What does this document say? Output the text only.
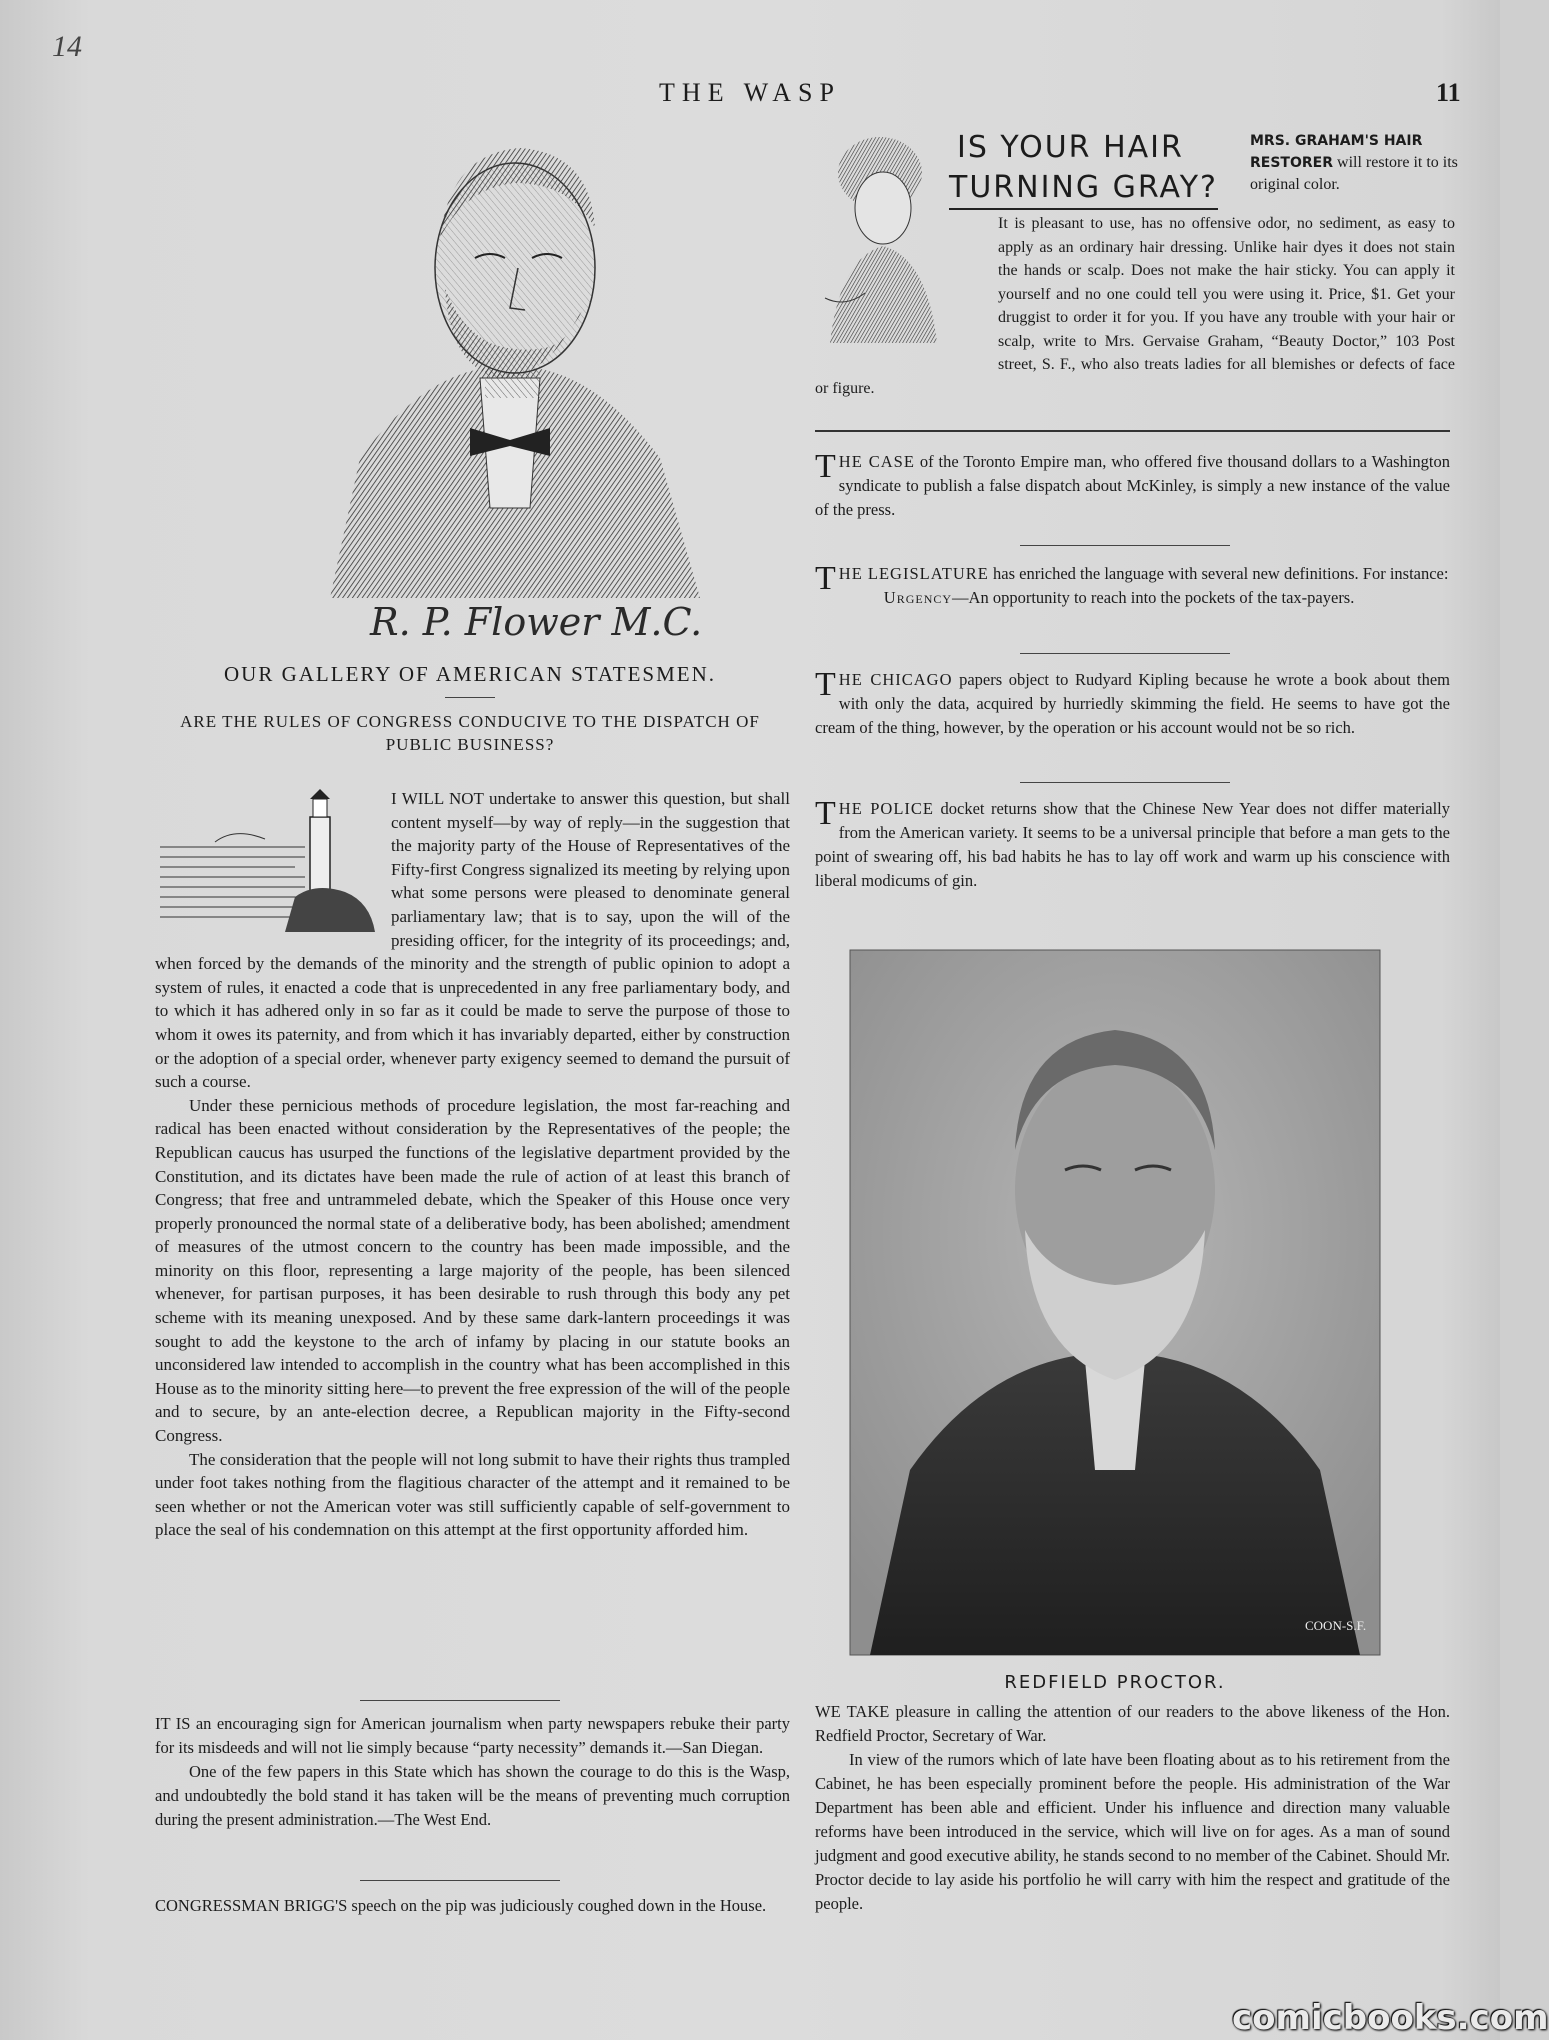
14
THE WASP	11
R. P. Flower M.C.
OUR GALLERY OF AMERICAN STATESMEN.
ARE THE RULES OF CONGRESS CONDUCIVE TO THE DISPATCH OF PUBLIC BUSINESS?

I WILL NOT undertake to answer this question, but shall content myself—by way of reply—in the suggestion that the majority party of the House of Representatives of the Fifty-first Congress signalized its meeting by relying upon what some persons were pleased to denominate general parliamentary law; that is to say, upon the will of the presiding officer, for the integrity of its proceedings; and, when forced by the demands of the minority and the strength of public opinion to adopt a system of rules, it enacted a code that is unprecedented in any free parliamentary body, and to which it has adhered only in so far as it could be made to serve the purpose of those to whom it owes its paternity, and from which it has invariably departed, either by construction or the adoption of a special order, whenever party exigency seemed to demand the pursuit of such a course.

Under these pernicious methods of procedure legislation, the most far-reaching and radical has been enacted without consideration by the Representatives of the people; the Republican caucus has usurped the functions of the legislative department provided by the Constitution, and its dictates have been made the rule of action of at least this branch of Congress; that free and untrammeled debate, which the Speaker of this House once very properly pronounced the normal state of a deliberative body, has been abolished; amendment of measures of the utmost concern to the country has been made impossible, and the minority on this floor, representing a large majority of the people, has been silenced whenever, for partisan purposes, it has been desirable to rush through this body any pet scheme with its meaning unexposed. And by these same dark-lantern proceedings it was sought to add the keystone to the arch of infamy by placing in our statute books an unconsidered law intended to accomplish in the country what has been accomplished in this House as to the minority sitting here—to prevent the free expression of the will of the people and to secure, by an ante-election decree, a Republican majority in the Fifty-second Congress.

The consideration that the people will not long submit to have their rights thus trampled under foot takes nothing from the flagitious character of the attempt and it remained to be seen whether or not the American voter was still sufficiently capable of self-government to place the seal of his condemnation on this attempt at the first opportunity afforded him.

IT IS an encouraging sign for American journalism when party newspapers rebuke their party for its misdeeds and will not lie simply because “party necessity” demands it.—San Diegan.

One of the few papers in this State which has shown the courage to do this is the Wasp, and undoubtedly the bold stand it has taken will be the means of preventing much corruption during the present administration.—The West End.

CONGRESSMAN BRIGG'S speech on the pip was judiciously coughed down in the House.
IS YOUR HAIR
TURNING GRAY?
MRS. GRAHAM'S HAIR RESTORER will restore it to its original color.
It is pleasant to use, has no offensive odor, no sediment, as easy to apply as an ordinary hair dressing. Unlike hair dyes it does not stain the hands or scalp. Does not make the hair sticky. You can apply it yourself and no one could tell you were using it. Price, $1. Get your druggist to order it for you. If you have any trouble with your hair or scalp, write to Mrs. Gervaise Graham, “Beauty Doctor,” 103 Post street, S. F., who also treats ladies for all blemishes or defects of face or figure.
THE CASE of the Toronto Empire man, who offered five thousand dollars to a Washington syndicate to publish a false dispatch about McKinley, is simply a new instance of the value of the press.
THE LEGISLATURE has enriched the language with several new definitions. For instance:
Urgency—An opportunity to reach into the pockets of the tax-payers.
THE CHICAGO papers object to Rudyard Kipling because he wrote a book about them with only the data, acquired by hurriedly skimming the field. He seems to have got the cream of the thing, however, by the operation or his account would not be so rich.
THE POLICE docket returns show that the Chinese New Year does not differ materially from the American variety. It seems to be a universal principle that before a man gets to the point of swearing off, his bad habits he has to lay off work and warm up his conscience with liberal modicums of gin.
COON-S.F.
REDFIELD PROCTOR.

WE TAKE pleasure in calling the attention of our readers to the above likeness of the Hon. Redfield Proctor, Secretary of War.

In view of the rumors which of late have been floating about as to his retirement from the Cabinet, he has been especially prominent before the people. His administration of the War Department has been able and efficient. Under his influence and direction many valuable reforms have been introduced in the service, which will live on for ages. As a man of sound judgment and good executive ability, he stands second to no member of the Cabinet. Should Mr. Proctor decide to lay aside his portfolio he will carry with him the respect and gratitude of the people.

comicbooks.com
